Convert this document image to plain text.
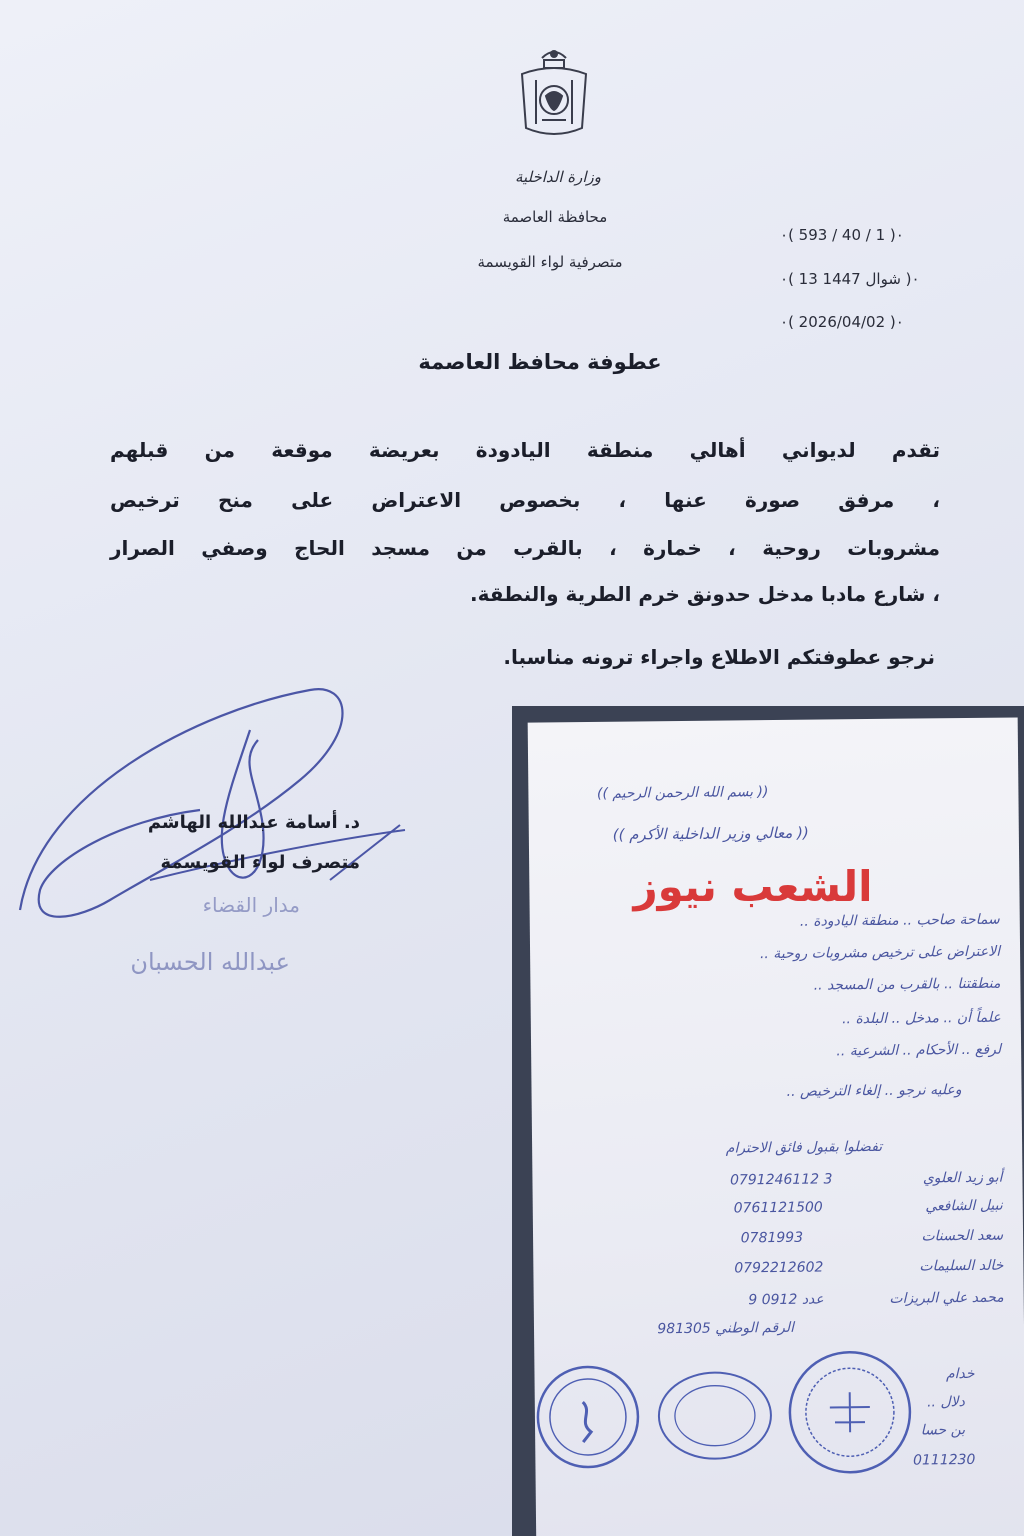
وزارة الداخلية
محافظة العاصمة
متصرفية لواء القويسمة
٠( 593 / 40 / 1 )٠
٠( 13 شوال 1447 )٠
٠( 2026/04/02 )٠
عطوفة محافظ العاصمة
تقدم لديواني أهالي منطقة اليادودة بعريضة موقعة من قبلهم
، مرفق صورة عنها ، بخصوص الاعتراض على منح ترخيص
مشروبات روحية ، خمارة ، بالقرب من مسجد الحاج وصفي الصرار
، شارع مادبا مدخل حدونق خرم الطرية والنطقة.
نرجو عطوفتكم الاطلاع واجراء ترونه مناسبا.
د. أسامة عبدالله الهاشم
متصرف لواء القويسمة
مدار القضاء
عبدالله الحسبان
(( بسم الله الرحمن الرحيم ))
(( معالي وزير الداخلية الأكرم ))
سماحة صاحب .. منطقة اليادودة ..
الاعتراض على ترخيص مشروبات روحية ..
منطقتنا .. بالقرب من المسجد ..
علماً أن .. مدخل .. البلدة ..
لرفع .. الأحكام .. الشرعية ..
وعليه نرجو .. إلغاء الترخيص ..
تفضلوا بقبول فائق الاحترام
أبو زيد العلوي
نبيل الشافعي
سعد الحسنات
خالد السليمات
محمد علي البريزات
0791246112 3
0761121500
0781993
0792212602
عدد 0912 9
الرقم الوطني 981305
خدام
دلال ..
بن حسا
0111230
الشعب نيوز
